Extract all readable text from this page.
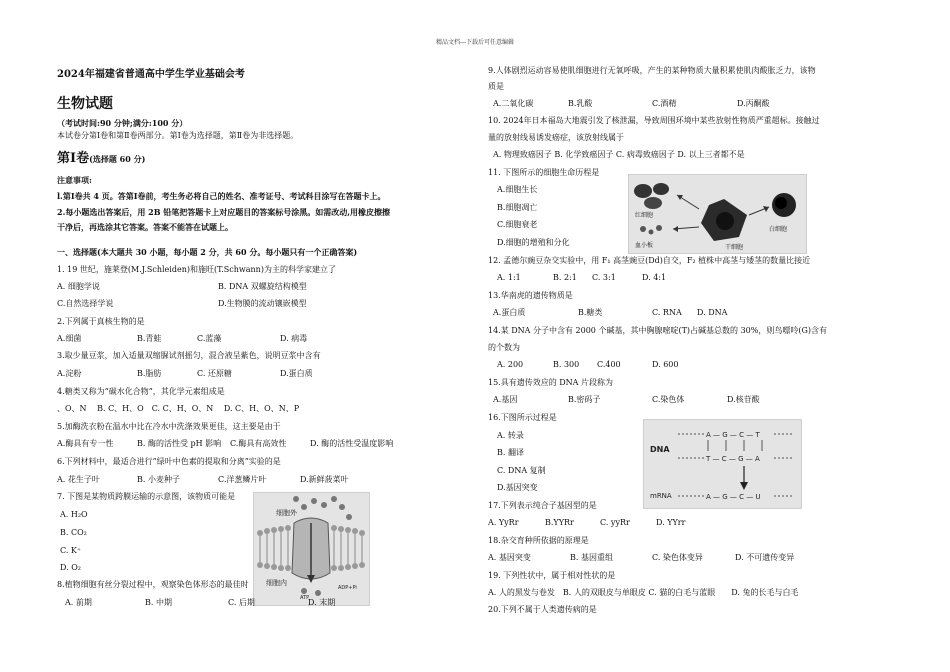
精品文档---下载后可任意编辑
2024年福建省普通高中学生学业基础会考
生物试题
（考试时间:90 分钟;满分:100 分）
本试卷分第Ⅰ卷和第Ⅱ卷两部分。第Ⅰ卷为选择题，第Ⅱ卷为非选择题。
第Ⅰ卷(选择题 60 分)
注意事项:
l.第Ⅰ卷共 4 页。答第Ⅰ卷前，考生务必将自己的姓名、准考证号、考试科目涂写在答题卡上。
2.每小题选出答案后，用 2B 铅笔把答题卡上对应题目的答案标号涂黑。如需改动,用橡皮擦擦
干净后，再选涂其它答案。答案不能答在试题上。
一、选择题(本大题共 30 小题，每小题 2 分，共 60 分。每小题只有一个正确答案)
1. 19 世纪，施莱登(M.J.Schleiden)和施旺(T.Schwann)为主的科学家建立了
A. 细胞学说	B. DNA 双螺旋结构模型
C.自然选择学说	D.生物膜的流动镶嵌模型
2.下列属于真核生物的是
A.细菌	B.青蛙	C.蓝藻	D. 病毒
3.取少量豆浆，加入适量双缩脲试剂摇匀，混合液呈紫色，说明豆浆中含有
A.淀粉	B.脂肪	C. 还原糖	D.蛋白质
4.糖类又称为“碳水化合物”，其化学元素组成是
、O、N　 B. C、H、O　C. C、H、O、N　 D. C、H、O、N、P
5.加酶洗衣粉在温水中比在冷水中洗涤效果更佳，这主要是由于
A.酶具有专一性	B. 酶的活性受 pH 影响 C.酶具有高效性	D. 酶的活性受温度影响
6.下列材料中，最适合进行”绿叶中色素的提取和分离”实验的是
A. 花生子叶	B. 小麦种子	C.洋葱鳞片叶	D.新鲜菠菜叶
7. 下图是某物质跨膜运输的示意图，该物质可能是
A. H₂O
B. CO₂
C. K⁺
D. O₂
8.植物细胞有丝分裂过程中，观察染色体形态的最佳时
A. 前期	B. 中期
细胞外
细胞内
ATP
ADP+Pi
C. 后期	D. 末期
9.人体剧烈运动容易使肌细胞进行无氧呼吸，产生的某种物质大量积累使肌肉酸胀乏力，该物
质是
A.二氧化碳	B.乳酸	C.酒精	D.丙酮酸
10. 2024年日本福岛大地震引发了核泄漏，导致周围环境中某些放射性物质严重超标。接触过
量的放射线易诱发癌症，该放射线属于
A. 物理致癌因子 B. 化学致癌因子 C. 病毒致癌因子 D. 以上三者都不是
11. 下图所示的细胞生命历程是
A.细胞生长
B.细胞凋亡
C.细胞衰老
D.细胞的增殖和分化
红细胞
血小板	干细胞
白细胞
12. 孟德尔豌豆杂交实验中，用 F₁ 高茎豌豆(Dd)自交，F₂ 植株中高茎与矮茎的数量比接近
A. 1:1	B. 2:1 C. 3:1	D. 4:1
13.华南虎的遗传物质是
A.蛋白质	B.糖类	C. RNA D. DNA
14.某 DNA 分子中含有 2000 个碱基，其中胸腺嘧啶(T)占碱基总数的 30%，则鸟嘌呤(G)含有
的个数为
A. 200	B. 300 C.400	D. 600
15.具有遗传效应的 DNA 片段称为
A.基因	B.密码子	C.染色体	D.核苷酸
16.下图所示过程是
A. 转录
B. 翻译
C. DNA 复制
D.基因突变
DNA
mRNA
A — G — C — T
T — C — G — A
A — G — C — U
17.下列表示纯合子基因型的是
A. YyRr	B.YYRr	C. yyRr	D. YYrr
18.杂交育种所依据的原理是
A. 基因突变	B. 基因重组	C. 染色体变异	D. 不可遗传变异
19. 下列性状中，属于相对性状的是
A. 人的黑发与卷发　B. 人的双眼皮与单眼皮 C. 猫的白毛与蓝眼　　D. 兔的长毛与白毛
20.下列不属于人类遗传病的是
